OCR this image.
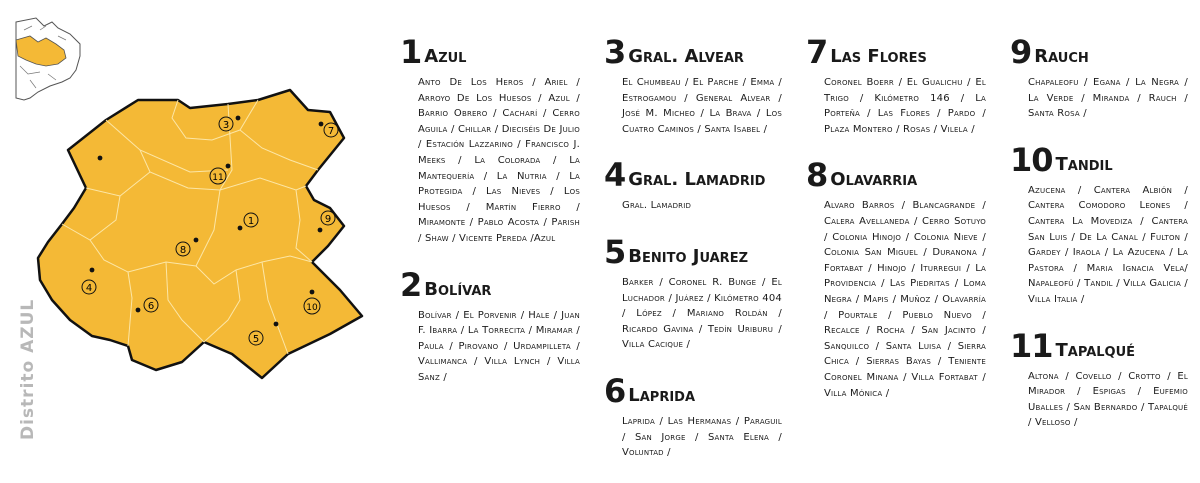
1
3
4
5
6
7
8
9
10
11
Distrito AZUL
1 Azul
Anto De Los Heros / Ariel / Arroyo De Los Huesos / Azul / Barrio Obrero / Cacharí / Cerro Aguila / Chillar / Dieciséis De Julio / Estación Lazzarino / Francisco J. Meeks / La Colorada / La Mantequería / La Nutria / La Protegida / Las Nieves / Los Huesos / Martín Fierro / Miramonte / Pablo Acosta / Parish / Shaw / Vicente Pereda /Azul
2 Bolívar
Bolívar / El Porvenir / Hale / Juan F. Ibarra / La Torrecita / Miramar / Paula / Pirovano / Urdampilleta / Vallimanca / Villa Lynch / Villa Sanz /
3 Gral. Alvear
El Chumbeau / El Parche / Emma / Estrogamou / General Alvear / José M. Micheo / La Brava / Los Cuatro Caminos / Santa Isabel /
4 Gral. Lamadrid
Gral. Lamadrid
5 Benito Juarez
Barker / Coronel R. Bunge / El Luchador / Juárez / Kilómetro 404 / López / Mariano Roldán / Ricardo Gavina / Tedín Uriburu / Villa Cacique /
6 Laprida
Laprida / Las Hermanas / Paraguil / San Jorge / Santa Elena / Voluntad /
7 Las Flores
Coronel Boerr / El Gualichu / El Trigo / Kilómetro 146 / La Porteña / Las Flores / Pardo / Plaza Montero / Rosas / Vilela /
8 Olavarria
Alvaro Barros / Blancagrande / Calera Avellaneda / Cerro Sotuyo / Colonia Hinojo / Colonia Nieve / Colonia San Miguel / Duranona / Fortabat / Hinojo / Iturregui / La Providencia / Las Piedritas / Loma Negra / Mapis / Muñoz / Olavarría / Pourtale / Pueblo Nuevo / Recalce / Rocha / San Jacinto / Sanquilco / Santa Luisa / Sierra Chica / Sierras Bayas / Teniente Coronel Minana / Villa Fortabat / Villa Mónica /
9 Rauch
Chapaleofu / Egana / La Negra / La Verde / Miranda / Rauch / Santa Rosa /
10 Tandil
Azucena / Cantera Albión / Cantera Comodoro Leones / Cantera La Movediza / Cantera San Luis / De La Canal / Fulton / Gardey / Iraola / La Azucena / La Pastora / Maria Ignacia Vela/ Napaleofú / Tandil / Villa Galicia / Villa Italia /
11 Tapalqué
Altona / Covello / Crotto / El Mirador / Espigas / Eufemio Uballes / San Bernardo / Tapalqué / Velloso /
